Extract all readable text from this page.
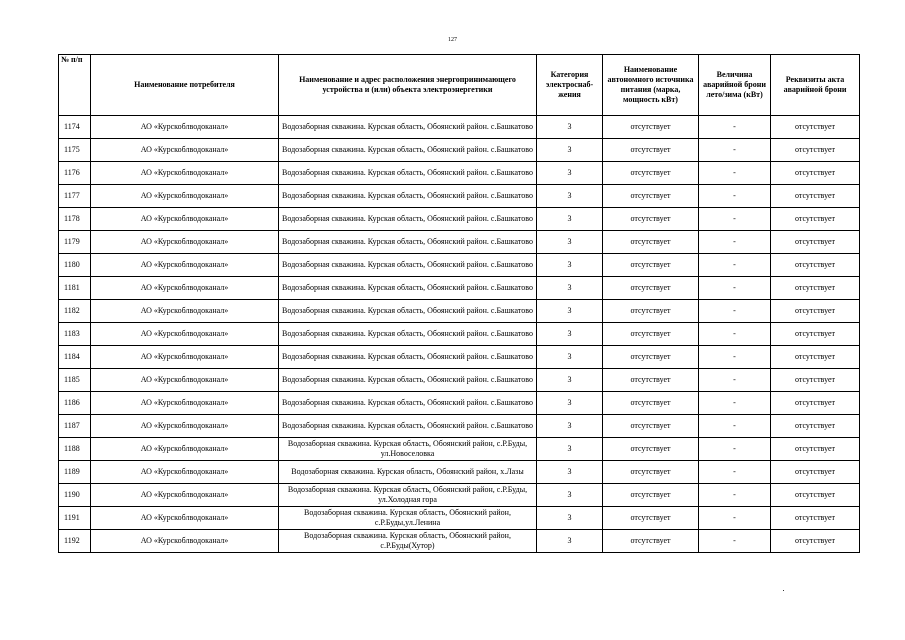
127
№ п/п	Наименование потребителя	Наименование и адрес расположения энергопринимающего устройства и (или) объекта электроэнергетики	Категория электроснаб-жения	Наименование автономного источника питания (марка, мощность кВт)	Величина аварийной брони лето/зима (кВт)	Реквизиты акта аварийной брони
1174	АО «Курскоблводоканал»	Водозаборная скважина. Курская область, Обоянский район. с.Башкатово	3	отсутствует	-	отсутствует
1175	АО «Курскоблводоканал»	Водозаборная скважина. Курская область, Обоянский район. с.Башкатово	3	отсутствует	-	отсутствует
1176	АО «Курскоблводоканал»	Водозаборная скважина. Курская область, Обоянский район. с.Башкатово	3	отсутствует	-	отсутствует
1177	АО «Курскоблводоканал»	Водозаборная скважина. Курская область, Обоянский район. с.Башкатово	3	отсутствует	-	отсутствует
1178	АО «Курскоблводоканал»	Водозаборная скважина. Курская область, Обоянский район. с.Башкатово	3	отсутствует	-	отсутствует
1179	АО «Курскоблводоканал»	Водозаборная скважина. Курская область, Обоянский район. с.Башкатово	3	отсутствует	-	отсутствует
1180	АО «Курскоблводоканал»	Водозаборная скважина. Курская область, Обоянский район. с.Башкатово	3	отсутствует	-	отсутствует
1181	АО «Курскоблводоканал»	Водозаборная скважина. Курская область, Обоянский район. с.Башкатово	3	отсутствует	-	отсутствует
1182	АО «Курскоблводоканал»	Водозаборная скважина. Курская область, Обоянский район. с.Башкатово	3	отсутствует	-	отсутствует
1183	АО «Курскоблводоканал»	Водозаборная скважина. Курская область, Обоянский район. с.Башкатово	3	отсутствует	-	отсутствует
1184	АО «Курскоблводоканал»	Водозаборная скважина. Курская область, Обоянский район. с.Башкатово	3	отсутствует	-	отсутствует
1185	АО «Курскоблводоканал»	Водозаборная скважина. Курская область, Обоянский район. с.Башкатово	3	отсутствует	-	отсутствует
1186	АО «Курскоблводоканал»	Водозаборная скважина. Курская область, Обоянский район. с.Башкатово	3	отсутствует	-	отсутствует
1187	АО «Курскоблводоканал»	Водозаборная скважина. Курская область, Обоянский район. с.Башкатово	3	отсутствует	-	отсутствует
1188	АО «Курскоблводоканал»	Водозаборная скважина. Курская область, Обоянский район, с.Р.Буды, ул.Новоселовка	3	отсутствует	-	отсутствует
1189	АО «Курскоблводоканал»	Водозаборная скважина. Курская область, Обоянский район, х.Лазы	3	отсутствует	-	отсутствует
1190	АО «Курскоблводоканал»	Водозаборная скважина. Курская область, Обоянский район, с.Р.Буды, ул.Холодная гора	3	отсутствует	-	отсутствует
1191	АО «Курскоблводоканал»	Водозаборная скважина. Курская область, Обоянский район, с.Р.Буды,ул.Ленина	3	отсутствует	-	отсутствует
1192	АО «Курскоблводоканал»	Водозаборная скважина. Курская область, Обоянский район, с.Р.Буды(Хутор)	3	отсутствует	-	отсутствует
